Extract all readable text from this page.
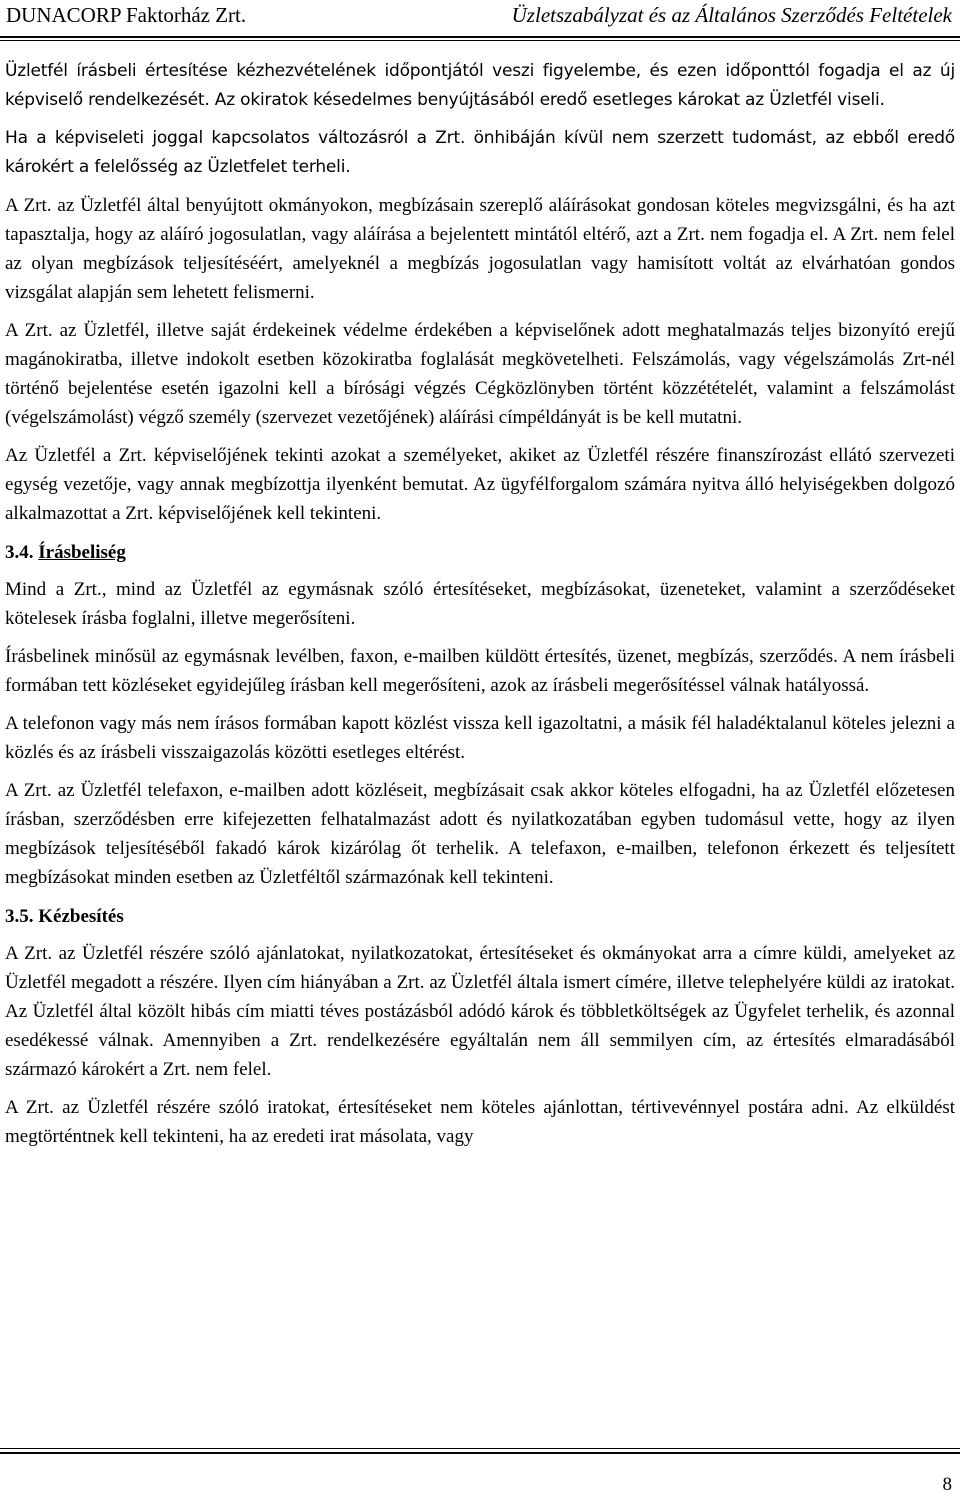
DUNACORP Faktorház Zrt.	Üzletszabályzat és az Általános Szerződés Feltételek

Üzletfél írásbeli értesítése kézhezvételének időpontjától veszi figyelembe, és ezen időponttól fogadja el az új képviselő rendelkezését. Az okiratok késedelmes benyújtásából eredő esetleges károkat az Üzletfél viseli.

Ha a képviseleti joggal kapcsolatos változásról a Zrt. önhibáján kívül nem szerzett tudomást, az ebből eredő károkért a felelősség az Üzletfelet terheli.

A Zrt. az Üzletfél által benyújtott okmányokon, megbízásain szereplő aláírásokat gondosan köteles megvizsgálni, és ha azt tapasztalja, hogy az aláíró jogosulatlan, vagy aláírása a bejelentett mintától eltérő, azt a Zrt. nem fogadja el. A Zrt. nem felel az olyan megbízások teljesítéséért, amelyeknél a megbízás jogosulatlan vagy hamisított voltát az elvárhatóan gondos vizsgálat alapján sem lehetett felismerni.

A Zrt. az Üzletfél, illetve saját érdekeinek védelme érdekében a képviselőnek adott meghatalmazás teljes bizonyító erejű magánokiratba, illetve indokolt esetben közokiratba foglalását megkövetelheti. Felszámolás, vagy végelszámolás Zrt-nél történő bejelentése esetén igazolni kell a bírósági végzés Cégközlönyben történt közzétételét, valamint a felszámolást (végelszámolást) végző személy (szervezet vezetőjének) aláírási címpéldányát is be kell mutatni.

Az Üzletfél a Zrt. képviselőjének tekinti azokat a személyeket, akiket az Üzletfél részére finanszírozást ellátó szervezeti egység vezetője, vagy annak megbízottja ilyenként bemutat. Az ügyfélforgalom számára nyitva álló helyiségekben dolgozó alkalmazottat a Zrt. képviselőjének kell tekinteni.

3.4. Írásbeliség

Mind a Zrt., mind az Üzletfél az egymásnak szóló értesítéseket, megbízásokat, üzeneteket, valamint a szerződéseket kötelesek írásba foglalni, illetve megerősíteni.

Írásbelinek minősül az egymásnak levélben, faxon, e-mailben küldött értesítés, üzenet, megbízás, szerződés. A nem írásbeli formában tett közléseket egyidejűleg írásban kell megerősíteni, azok az írásbeli megerősítéssel válnak hatályossá.

A telefonon vagy más nem írásos formában kapott közlést vissza kell igazoltatni, a másik fél haladéktalanul köteles jelezni a közlés és az írásbeli visszaigazolás közötti esetleges eltérést.

A Zrt. az Üzletfél telefaxon, e-mailben adott közléseit, megbízásait csak akkor köteles elfogadni, ha az Üzletfél előzetesen írásban, szerződésben erre kifejezetten felhatalmazást adott és nyilatkozatában egyben tudomásul vette, hogy az ilyen megbízások teljesítéséből fakadó károk kizárólag őt terhelik. A telefaxon, e-mailben, telefonon érkezett és teljesített megbízásokat minden esetben az Üzletféltől származónak kell tekinteni.

3.5. Kézbesítés

A Zrt. az Üzletfél részére szóló ajánlatokat, nyilatkozatokat, értesítéseket és okmányokat arra a címre küldi, amelyeket az Üzletfél megadott a részére. Ilyen cím hiányában a Zrt. az Üzletfél általa ismert címére, illetve telephelyére küldi az iratokat. Az Üzletfél által közölt hibás cím miatti téves postázásból adódó károk és többletköltségek az Ügyfelet terhelik, és azonnal esedékessé válnak. Amennyiben a Zrt. rendelkezésére egyáltalán nem áll semmilyen cím, az értesítés elmaradásából származó károkért a Zrt. nem felel.

A Zrt. az Üzletfél részére szóló iratokat, értesítéseket nem köteles ajánlottan, tértivevénnyel postára adni. Az elküldést megtörténtnek kell tekinteni, ha az eredeti irat másolata, vagy

8
